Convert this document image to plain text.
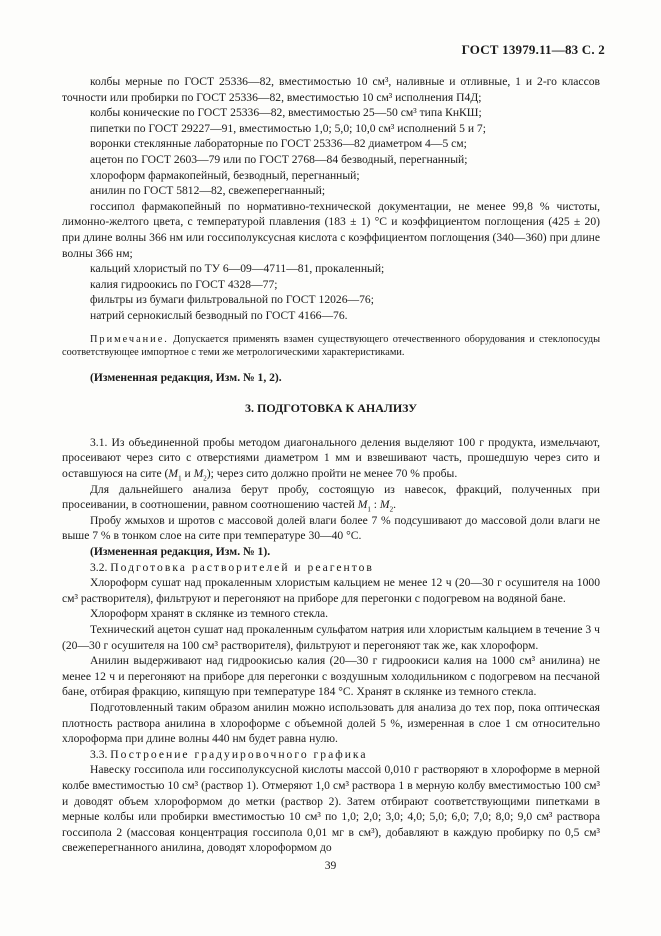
ГОСТ 13979.11—83 С. 2

колбы мерные по ГОСТ 25336—82, вместимостью 10 см³, наливные и отливные, 1 и 2-го классов точности или пробирки по ГОСТ 25336—82, вместимостью 10 см³ исполнения П4Д;

колбы конические по ГОСТ 25336—82, вместимостью 25—50 см³ типа КнКШ;

пипетки по ГОСТ 29227—91, вместимостью 1,0; 5,0; 10,0 см³ исполнений 5 и 7;

воронки стеклянные лабораторные по ГОСТ 25336—82 диаметром 4—5 см;

ацетон по ГОСТ 2603—79 или по ГОСТ 2768—84 безводный, перегнанный;

хлороформ фармакопейный, безводный, перегнанный;

анилин по ГОСТ 5812—82, свежеперегнанный;

госсипол фармакопейный по нормативно-технической документации, не менее 99,8 % чистоты, лимонно-желтого цвета, с температурой плавления (183 ± 1) °С и коэффициентом поглощения (425 ± 20) при длине волны 366 нм или госсиполуксусная кислота с коэффициентом поглощения (340—360) при длине волны 366 нм;

кальций хлористый по ТУ 6—09—4711—81, прокаленный;

калия гидроокись по ГОСТ 4328—77;

фильтры из бумаги фильтровальной по ГОСТ 12026—76;

натрий сернокислый безводный по ГОСТ 4166—76.

Примечание. Допускается применять взамен существующего отечественного оборудования и стеклопосуды соответствующее импортное с теми же метрологическими характеристиками.

(Измененная редакция, Изм. № 1, 2).

3. ПОДГОТОВКА К АНАЛИЗУ

3.1. Из объединенной пробы методом диагонального деления выделяют 100 г продукта, измельчают, просеивают через сито с отверстиями диаметром 1 мм и взвешивают часть, прошедшую через сито и оставшуюся на сите ($M_1$ и $M_2$); через сито должно пройти не менее 70 % пробы.

Для дальнейшего анализа берут пробу, состоящую из навесок, фракций, полученных при просеивании, в соотношении, равном соотношению частей $M_1$ : $M_2$.

Пробу жмыхов и шротов с массовой долей влаги более 7 % подсушивают до массовой доли влаги не выше 7 % в тонком слое на сите при температуре 30—40 °С.

(Измененная редакция, Изм. № 1).

3.2. Подготовка растворителей и реагентов

Хлороформ сушат над прокаленным хлористым кальцием не менее 12 ч (20—30 г осушителя на 1000 см³ растворителя), фильтруют и перегоняют на приборе для перегонки с подогревом на водяной бане.

Хлороформ хранят в склянке из темного стекла.

Технический ацетон сушат над прокаленным сульфатом натрия или хлористым кальцием в течение 3 ч (20—30 г осушителя на 100 см³ растворителя), фильтруют и перегоняют так же, как хлороформ.

Анилин выдерживают над гидроокисью калия (20—30 г гидроокиси калия на 1000 см³ анилина) не менее 12 ч и перегоняют на приборе для перегонки с воздушным холодильником с подогревом на песчаной бане, отбирая фракцию, кипящую при температуре 184 °С. Хранят в склянке из темного стекла.

Подготовленный таким образом анилин можно использовать для анализа до тех пор, пока оптическая плотность раствора анилина в хлороформе с объемной долей 5 %, измеренная в слое 1 см относительно хлороформа при длине волны 440 нм будет равна нулю.

3.3. Построение градуировочного графика

Навеску госсипола или госсиполуксусной кислоты массой 0,010 г растворяют в хлороформе в мерной колбе вместимостью 10 см³ (раствор 1). Отмеряют 1,0 см³ раствора 1 в мерную колбу вместимостью 100 см³ и доводят объем хлороформом до метки (раствор 2). Затем отбирают соответствующими пипетками в мерные колбы или пробирки вместимостью 10 см³ по 1,0; 2,0; 3,0; 4,0; 5,0; 6,0; 7,0; 8,0; 9,0 см³ раствора госсипола 2 (массовая концентрация госсипола 0,01 мг в см³), добавляют в каждую пробирку по 0,5 см³ свежеперегнанного анилина, доводят хлороформом до

39
